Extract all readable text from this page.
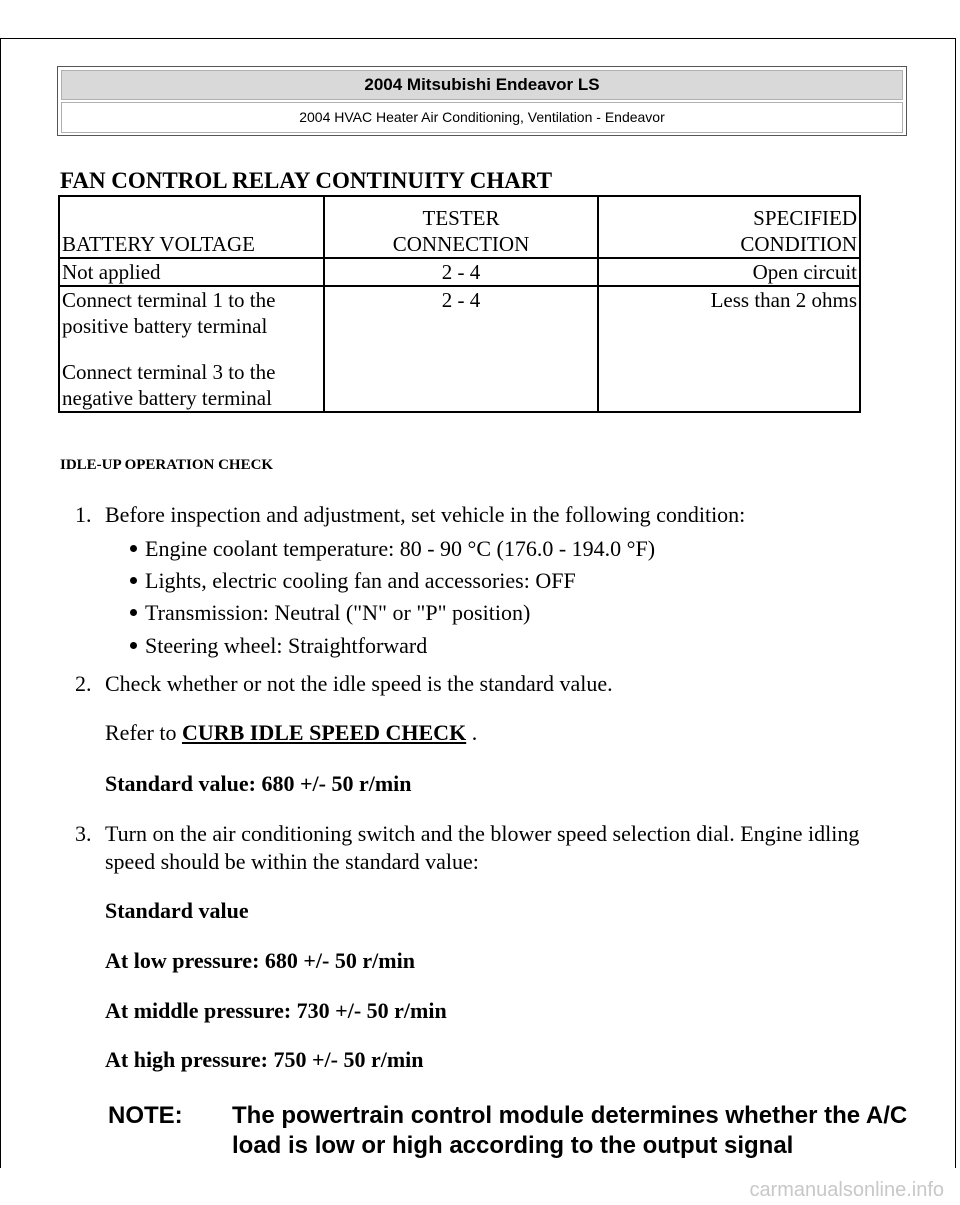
2004 Mitsubishi Endeavor LS
2004 HVAC Heater Air Conditioning, Ventilation - Endeavor
FAN CONTROL RELAY CONTINUITY CHART
BATTERY VOLTAGE	TESTER CONNECTION	SPECIFIED CONDITION
Not applied	2 - 4	Open circuit

Connect terminal 1 to the positive battery terminal
Connect terminal 3 to the negative battery terminal	2 - 4	Less than 2 ohms
IDLE-UP OPERATION CHECK
1. Before inspection and adjustment, set vehicle in the following condition:
Engine coolant temperature: 80 - 90 °C (176.0 - 194.0 °F)
Lights, electric cooling fan and accessories: OFF
Transmission: Neutral ("N" or "P" position)
Steering wheel: Straightforward
2. Check whether or not the idle speed is the standard value.
Refer to CURB IDLE SPEED CHECK .
Standard value: 680 +/- 50 r/min
3. Turn on the air conditioning switch and the blower speed selection dial. Engine idling speed should be within the standard value:
Standard value
At low pressure: 680 +/- 50 r/min
At middle pressure: 730 +/- 50 r/min
At high pressure: 750 +/- 50 r/min
NOTE: The powertrain control module determines whether the A/C load is low or high according to the output signal
carmanualsonline.info
